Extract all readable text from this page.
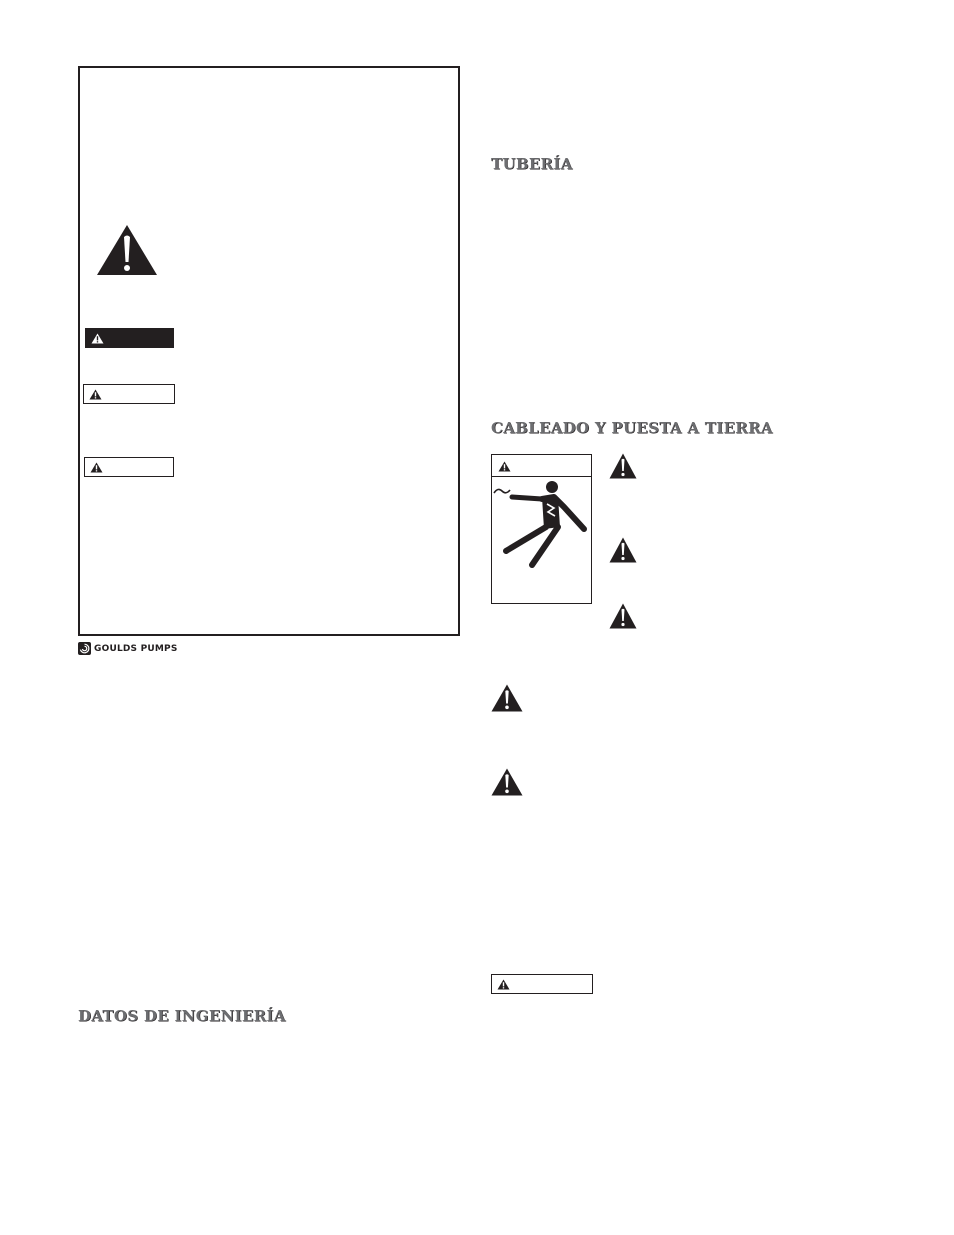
GOULDS PUMPS
DATOS DE INGENIERÍA
TUBERÍA
CABLEADO Y PUESTA A TIERRA
